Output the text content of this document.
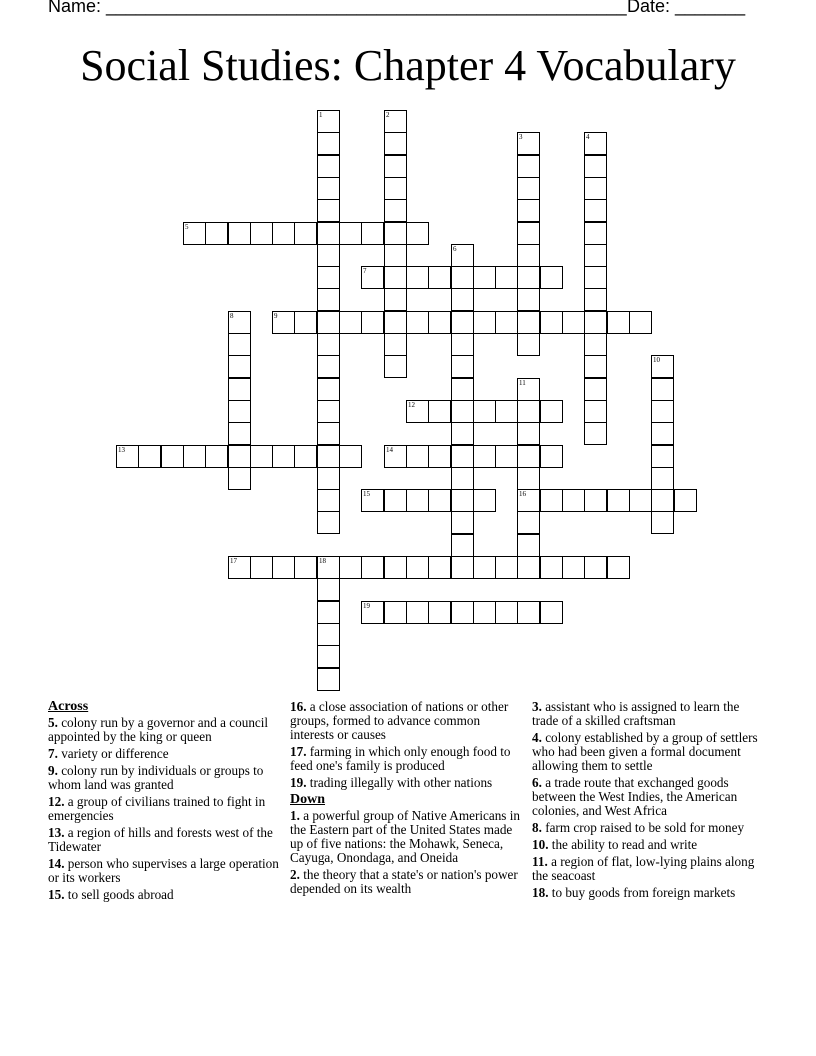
Name: ____________________________________________________ Date: _______
Social Studies: Chapter 4 Vocabulary
1	2
3	4
5
6
7
8	9
10
11
16
12
13	14
15
17	18
19
Across
5. colony run by a governor and a council appointed by the king or queen
7. variety or difference
9. colony run by individuals or groups to whom land was granted
12. a group of civilians trained to fight in emergencies
13. a region of hills and forests west of the Tidewater
14. person who supervises a large operation or its workers
15. to sell goods abroad
16. a close association of nations or other groups, formed to advance common interests or causes
17. farming in which only enough food to feed one's family is produced
19. trading illegally with other nations
Down
1. a powerful group of Native Americans in the Eastern part of the United States made up of five nations: the Mohawk, Seneca, Cayuga, Onondaga, and Oneida
2. the theory that a state's or nation's power depended on its wealth
3. assistant who is assigned to learn the trade of a skilled craftsman
4. colony established by a group of settlers who had been given a formal document allowing them to settle
6. a trade route that exchanged goods between the West Indies, the American colonies, and West Africa
8. farm crop raised to be sold for money
10. the ability to read and write
11. a region of flat, low-lying plains along the seacoast
18. to buy goods from foreign markets
